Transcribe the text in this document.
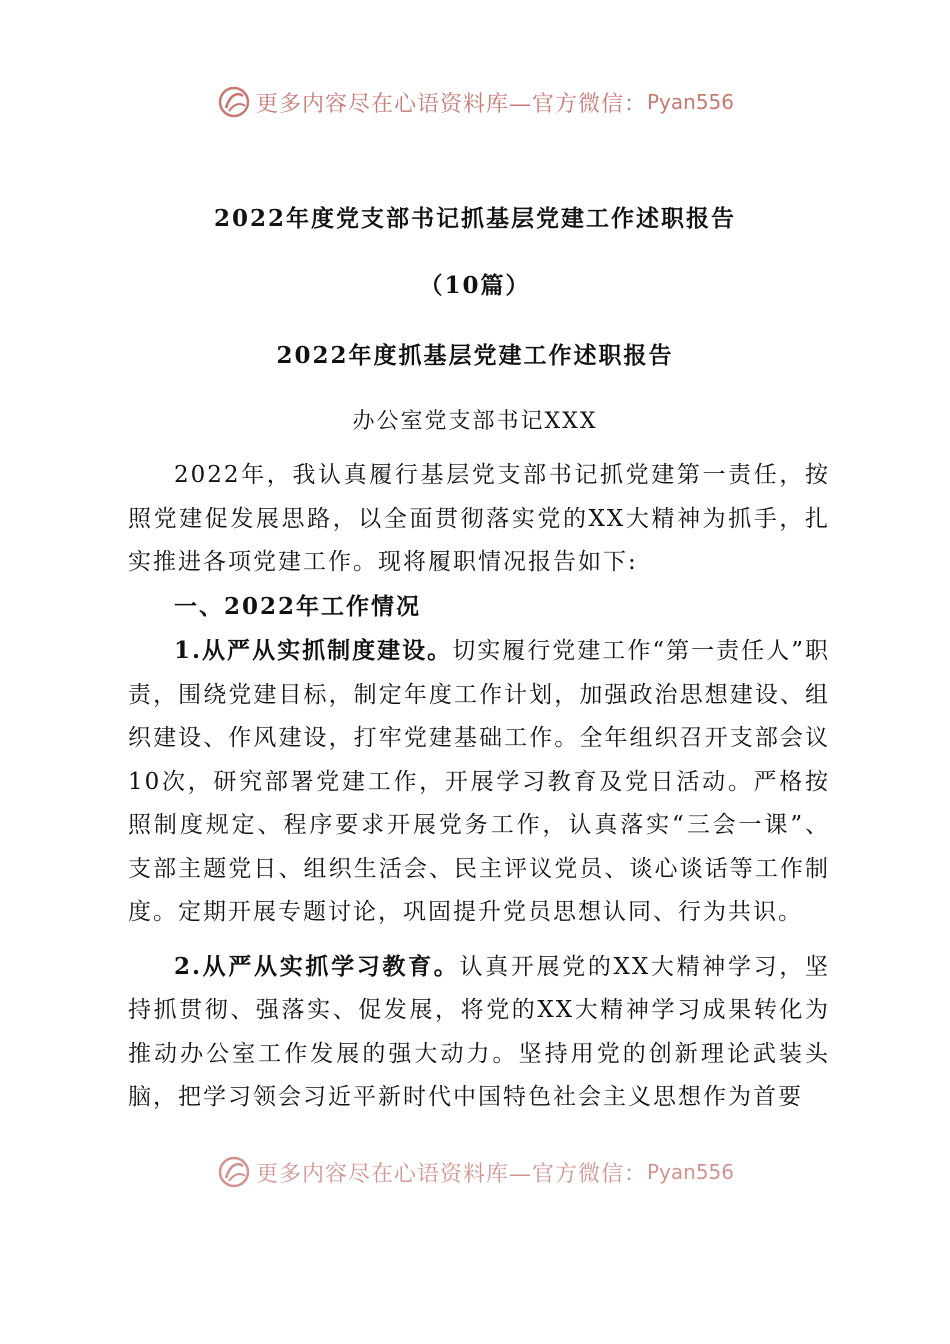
更多内容尽在心语资料库—官方微信： Pyan556
2022年度党支部书记抓基层党建工作述职报告
（10篇）
2022年度抓基层党建工作述职报告
办公室党支部书记XXX

2022年，我认真履行基层党支部书记抓党建第一责任，按照党建促发展思路，以全面贯彻落实党的XX大精神为抓手，扎实推进各项党建工作。现将履职情况报告如下:

一、2022年工作情况

1.从严从实抓制度建设。切实履行党建工作“第一责任人”职责，围绕党建目标，制定年度工作计划，加强政治思想建设、组织建设、作风建设，打牢党建基础工作。全年组织召开支部会议10次，研究部署党建工作，开展学习教育及党日活动。严格按照制度规定、程序要求开展党务工作，认真落实“三会一课”、支部主题党日、组织生活会、民主评议党员、谈心谈话等工作制度。定期开展专题讨论，巩固提升党员思想认同、行为共识。

2.从严从实抓学习教育。认真开展党的XX大精神学习，坚持抓贯彻、强落实、促发展，将党的XX大精神学习成果转化为推动办公室工作发展的强大动力。坚持用党的创新理论武装头脑，把学习领会习近平新时代中国特色社会主义思想作为首要

更多内容尽在心语资料库—官方微信： Pyan556
